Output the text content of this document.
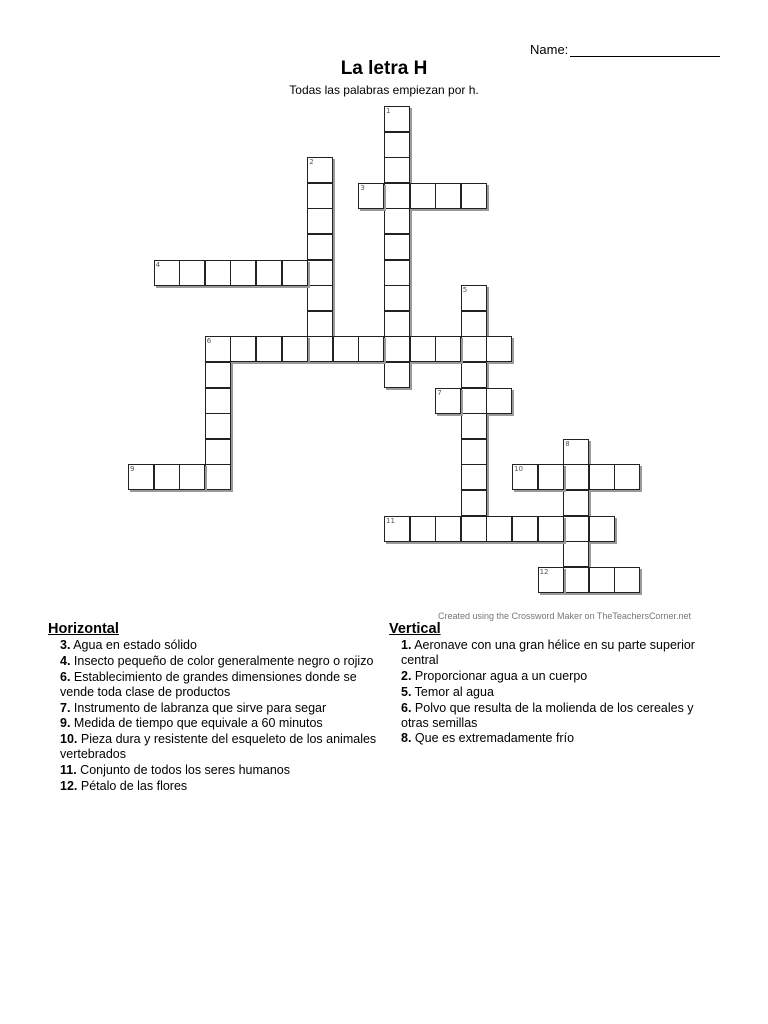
Name:
La letra H
Todas las palabras empiezan por h.
1
2
3
4
5
6
7
8
9	10
11
12
Created using the Crossword Maker on TheTeachersCorner.net
Horizontal
3. Agua en estado sólido
4. Insecto pequeño de color generalmente negro o rojizo
6. Establecimiento de grandes dimensiones donde se vende toda clase de productos
7. Instrumento de labranza que sirve para segar
9. Medida de tiempo que equivale a 60 minutos
10. Pieza dura y resistente del esqueleto de los animales vertebrados
11. Conjunto de todos los seres humanos
12. Pétalo de las flores
Vertical
1. Aeronave con una gran hélice en su parte superior central
2. Proporcionar agua a un cuerpo
5. Temor al agua
6. Polvo que resulta de la molienda de los cereales y otras semillas
8. Que es extremadamente frío
